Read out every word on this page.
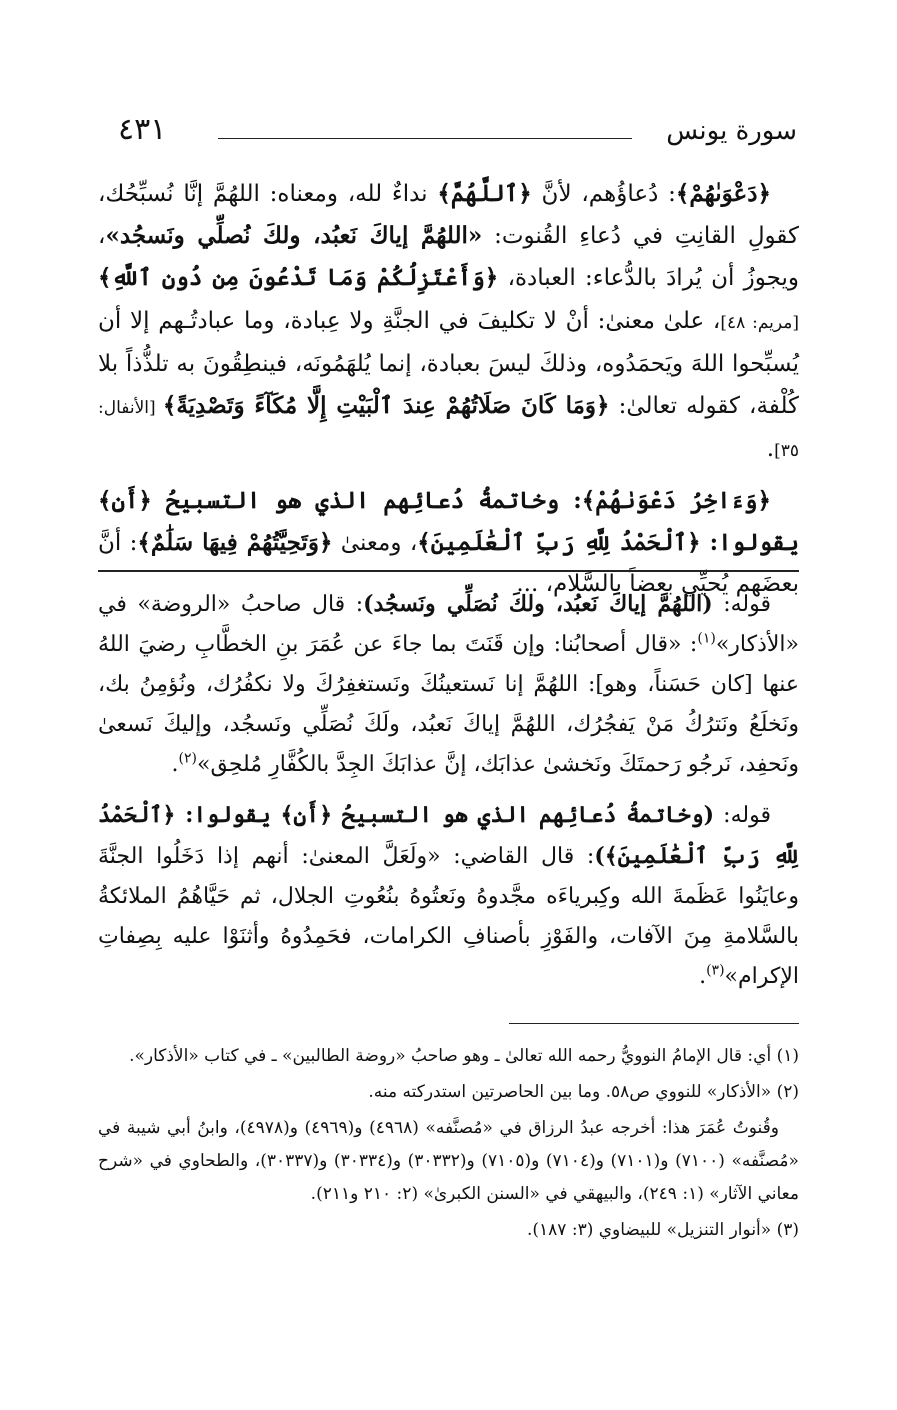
سورة يونس
٤٣١

﴿دَعْوَىٰهُمْ﴾: دُعاؤُهم، لأنَّ ﴿ٱللَّهُمَّ﴾ نداءٌ لله، ومعناه: اللهُمَّ إنَّا نُسبِّحُك، كقولِ القانِتِ في دُعاءِ القُنوت: «اللهُمَّ إياكَ نَعبُد، ولكَ نُصلِّي ونَسجُد»، ويجوزُ أن يُرادَ بالدُّعاء: العبادة، ﴿وَأَعْتَزِلُكُمْ وَمَا تَدْعُونَ مِن دُونِ ٱللَّهِ﴾ [مريم: ٤٨]، علىٰ معنىٰ: أنْ لا تكليفَ في الجنَّةِ ولا عِبادة، وما عبادتُـهم إلا أن يُسبِّحوا اللهَ ويَحمَدُوه، وذلكَ ليسَ بعبادة، إنما يُلهَمُونَه، فينطِقُونَ به تلذُّذاً بلا كُلْفة، كقوله تعالىٰ: ﴿وَمَا كَانَ صَلَاتُهُمْ عِندَ ٱلْبَيْتِ إِلَّا مُكَآءً وَتَصْدِيَةً﴾ [الأنفال: ٣٥].

﴿وَءَاخِرُ دَعْوَىٰهُمْ﴾: وخاتمةُ دُعائِهم الذي هو التسبيحُ ﴿أَنِ﴾ يقولوا: ﴿ٱلْحَمْدُ لِلَّهِ رَبِّ ٱلْعَٰلَمِينَ﴾، ومعنىٰ ﴿وَتَحِيَّتُهُمْ فِيهَا سَلَٰمٌ﴾: أنَّ بعضَهم يُحيِّي بعضاً بالسَّلام، ...

قوله: (اللهُمَّ إياكَ نَعبُد، ولكَ نُصَلِّي ونَسجُد): قال صاحبُ «الروضة» في «الأذكار»$^{(١)}$: «قال أصحابُنا: وإن قَنَتَ بما جاءَ عن عُمَرَ بنِ الخطَّابِ رضيَ اللهُ عنها [كان حَسَناً، وهو]: اللهُمَّ إنا نَستعينُكَ ونَستغفِرُكَ ولا نكفُرُك، ونُؤمِنُ بك، ونَخلَعُ ونَترُكُ مَنْ يَفجُرُك، اللهُمَّ إياكَ نَعبُد، ولَكَ نُصَلِّي ونَسجُد، وإليكَ نَسعىٰ ونَحفِد، نَرجُو رَحمتَكَ ونَخشىٰ عذابَك، إنَّ عذابَكَ الجِدَّ بالكُفَّارِ مُلحِق»$^{(٢)}$.

قوله: (وخاتمةُ دُعائِهم الذي هو التسبيحُ ﴿أَنِ﴾ يقولوا: ﴿ٱلْحَمْدُ لِلَّهِ رَبِّ ٱلْعَٰلَمِينَ﴾): قال القاضي: «ولَعَلَّ المعنىٰ: أنهم إذا دَخَلُوا الجنَّةَ وعايَنُوا عَظَمةَ الله وكِبرياءَه مجَّدوهُ ونَعتُوهُ بنُعُوتِ الجلال، ثم حَيَّاهُمُ الملائكةُ بالسَّلامةِ مِنَ الآفات، والفَوْزِ بأصنافِ الكرامات، فحَمِدُوهُ وأثنَوْا عليه بِصِفاتِ الإكرام»$^{(٣)}$.

(١) أي: قال الإمامُ النوويُّ رحمه الله تعالىٰ ـ وهو صاحبُ «روضة الطالبين» ـ في كتاب «الأذكار».

(٢) «الأذكار» للنووي ص٥٨. وما بين الحاصرتين استدركته منه.

وقُنوتُ عُمَرَ هذا: أخرجه عبدُ الرزاق في «مُصنَّفه» (٤٩٦٨) و(٤٩٦٩) و(٤٩٧٨)، وابنُ أبي شيبة في «مُصنَّفه» (٧١٠٠) و(٧١٠١) و(٧١٠٤) و(٧١٠٥) و(٣٠٣٣٢) و(٣٠٣٣٤) و(٣٠٣٣٧)، والطحاوي في «شرح معاني الآثار» (١: ٢٤٩)، والبيهقي في «السنن الكبرىٰ» (٢: ٢١٠ و٢١١).

(٣) «أنوار التنزيل» للبيضاوي (٣: ١٨٧).
